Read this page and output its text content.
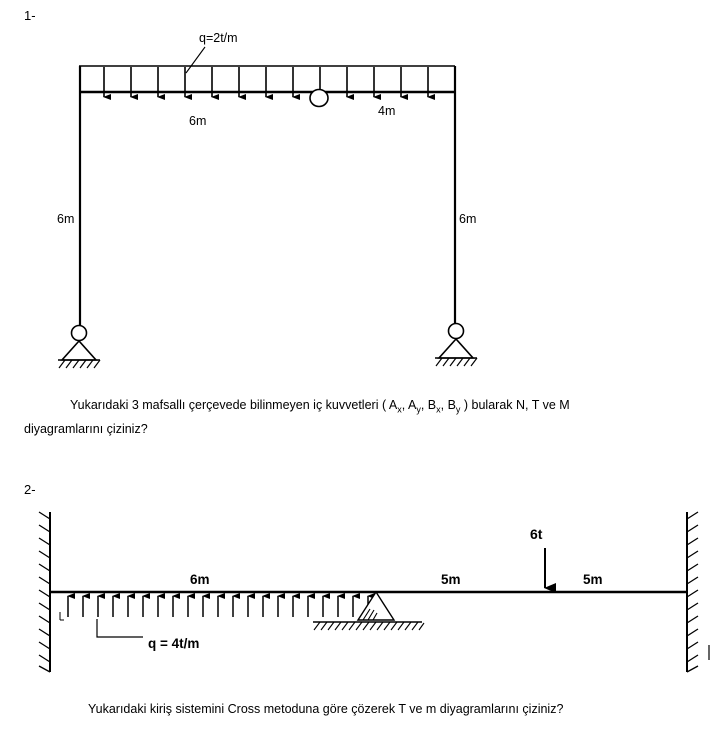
1-
q=2t/m
6m
4m
6m	6m
6m	5m	5m
6t
q = 4t/m
Yukarıdaki 3 mafsallı çerçevede bilinmeyen iç kuvvetleri ( $A_x$, $A_y$, $B_x$, $B_y$ ) bularak N, T ve M diyagramlarını çiziniz?
2-
Yukarıdaki kiriş sistemini Cross metoduna göre çözerek T ve m diyagramlarını çiziniz?
